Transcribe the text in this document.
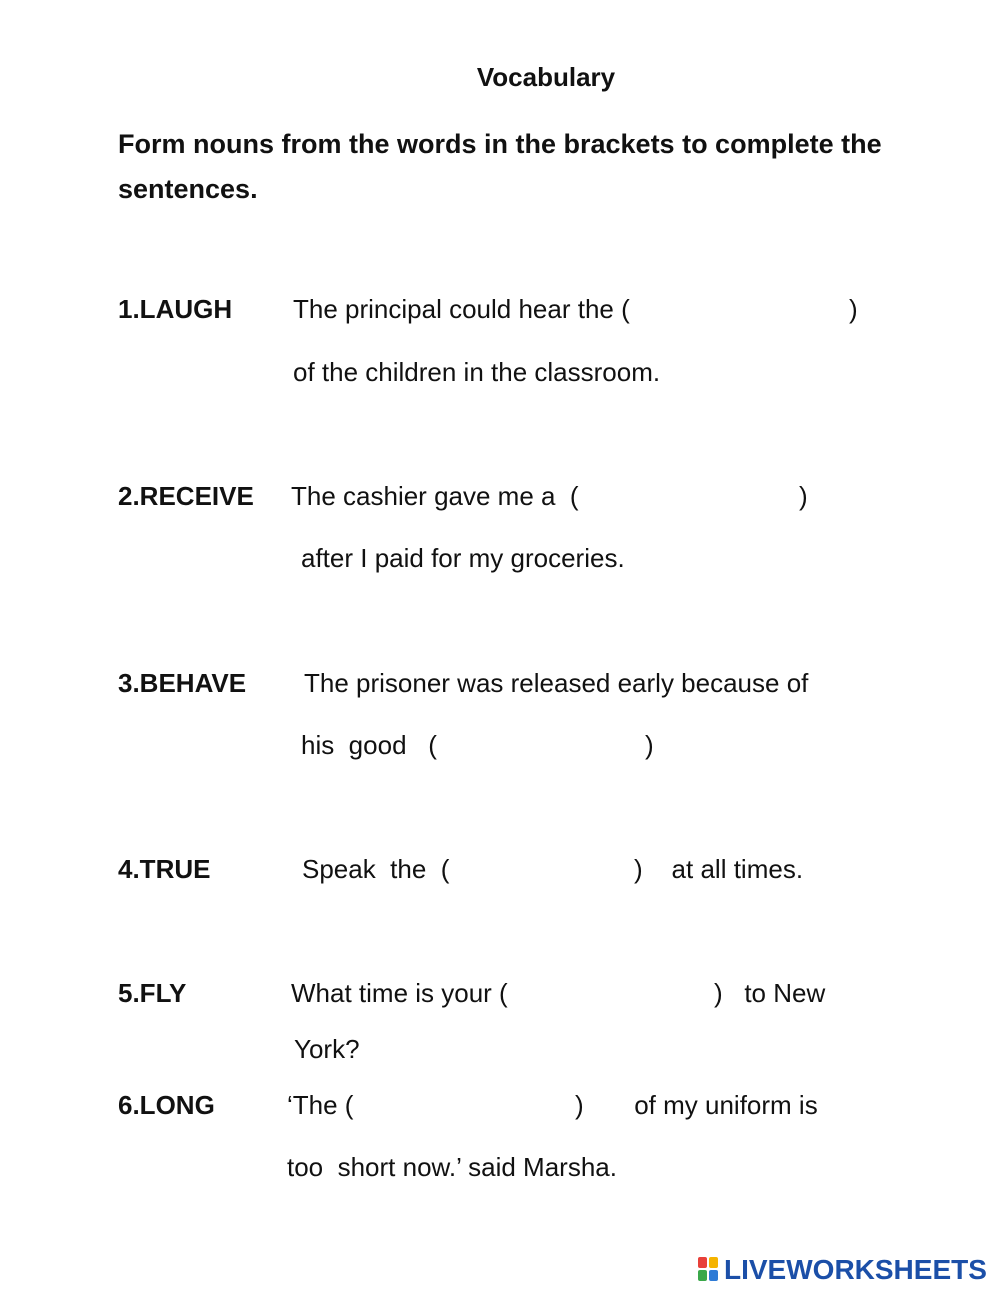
Vocabulary
Form nouns from the words in the brackets to complete the sentences.
1.LAUGH The principal could hear the (	)
of the children in the classroom.
2.RECEIVE The cashier gave me a  (	)
after I paid for my groceries.
3.BEHAVE The prisoner was released early because of
his  good   (	)
4.TRUE	Speak  the  (	)    at all times.
5.FLY	What time is your (	)   to New
York?
6.LONG	‘The (	)       of my uniform is
too  short now.’ said Marsha.
LIVEWORKSHEETS
